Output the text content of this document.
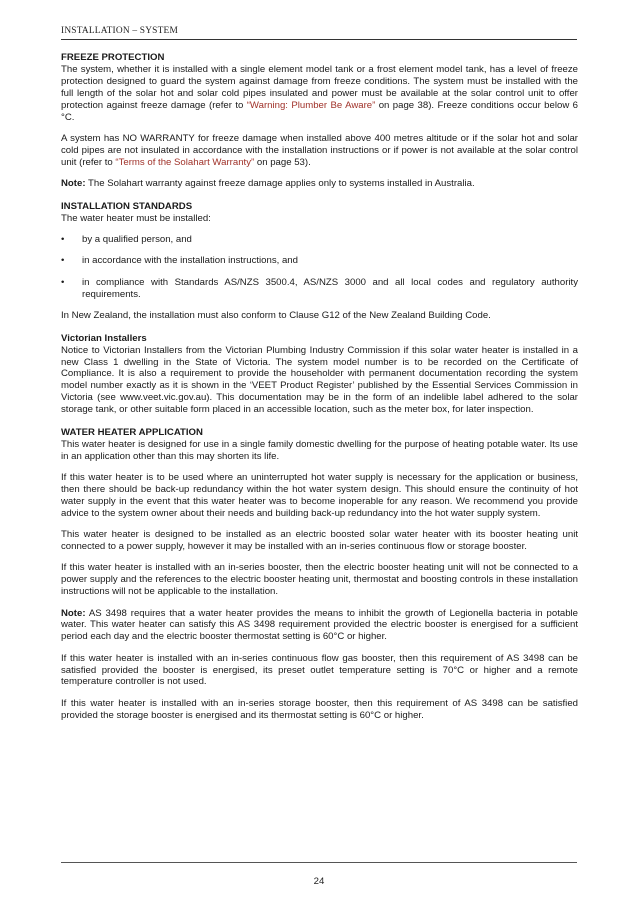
INSTALLATION – SYSTEM
FREEZE PROTECTION

The system, whether it is installed with a single element model tank or a frost element model tank, has a level of freeze protection designed to guard the system against damage from freeze conditions. The system must be installed with the full length of the solar hot and solar cold pipes insulated and power must be available at the solar control unit to offer protection against freeze damage (refer to “Warning: Plumber Be Aware” on page 38). Freeze conditions occur below 6 °C.

A system has NO WARRANTY for freeze damage when installed above 400 metres altitude or if the solar hot and solar cold pipes are not insulated in accordance with the installation instructions or if power is not available at the solar control unit (refer to “Terms of the Solahart Warranty” on page 53).

Note: The Solahart warranty against freeze damage applies only to systems installed in Australia.

INSTALLATION STANDARDS

The water heater must be installed:

• by a qualified person, and
• in accordance with the installation instructions, and
• in compliance with Standards AS/NZS 3500.4, AS/NZS 3000 and all local codes and regulatory authority requirements.

In New Zealand, the installation must also conform to Clause G12 of the New Zealand Building Code.

Victorian Installers

Notice to Victorian Installers from the Victorian Plumbing Industry Commission if this solar water heater is installed in a new Class 1 dwelling in the State of Victoria. The system model number is to be recorded on the Certificate of Compliance. It is also a requirement to provide the householder with permanent documentation recording the system model number exactly as it is shown in the ‘VEET Product Register’ published by the Essential Services Commission in Victoria (see www.veet.vic.gov.au). This documentation may be in the form of an indelible label adhered to the solar storage tank, or other suitable form placed in an accessible location, such as the meter box, for later inspection.

WATER HEATER APPLICATION

This water heater is designed for use in a single family domestic dwelling for the purpose of heating potable water. Its use in an application other than this may shorten its life.

If this water heater is to be used where an uninterrupted hot water supply is necessary for the application or business, then there should be back-up redundancy within the hot water system design. This should ensure the continuity of hot water supply in the event that this water heater was to become inoperable for any reason. We recommend you provide advice to the system owner about their needs and building back-up redundancy into the hot water supply system.

This water heater is designed to be installed as an electric boosted solar water heater with its booster heating unit connected to a power supply, however it may be installed with an in-series continuous flow or storage booster.

If this water heater is installed with an in-series booster, then the electric booster heating unit will not be connected to a power supply and the references to the electric booster heating unit, thermostat and boosting controls in these installation instructions will not be applicable to the installation.

Note: AS 3498 requires that a water heater provides the means to inhibit the growth of Legionella bacteria in potable water. This water heater can satisfy this AS 3498 requirement provided the electric booster is energised for a sufficient period each day and the electric booster thermostat setting is 60°C or higher.

If this water heater is installed with an in-series continuous flow gas booster, then this requirement of AS 3498 can be satisfied provided the booster is energised, its preset outlet temperature setting is 70°C or higher and a remote temperature controller is not used.

If this water heater is installed with an in-series storage booster, then this requirement of AS 3498 can be satisfied provided the storage booster is energised and its thermostat setting is 60°C or higher.

24
